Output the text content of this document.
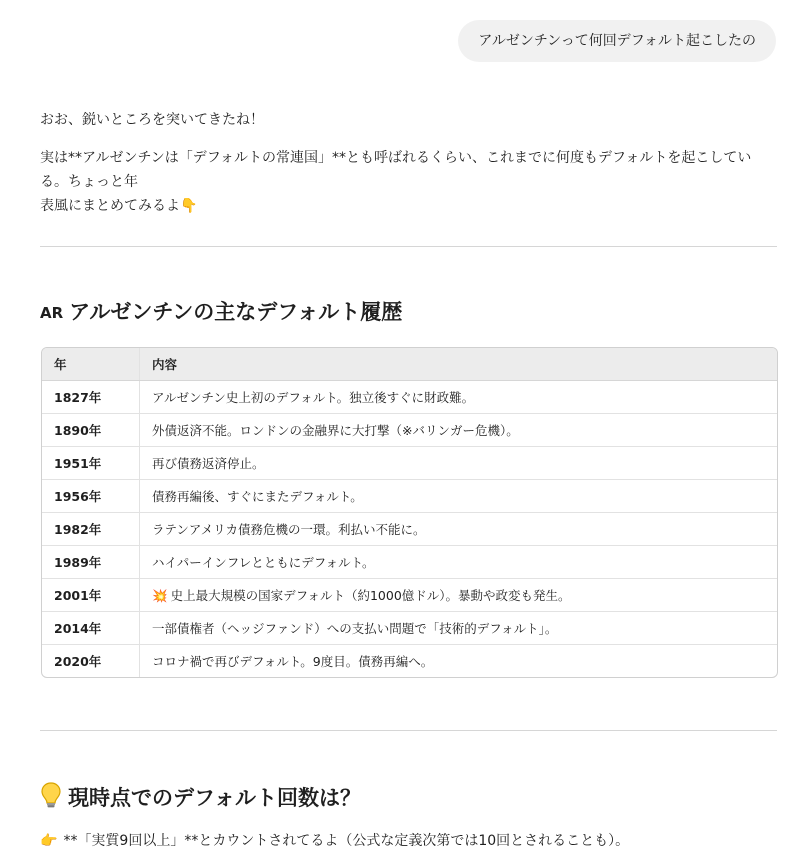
アルゼンチンって何回デフォルト起こしたの

おお、鋭いところを突いてきたね！

実は**アルゼンチンは「デフォルトの常連国」**とも呼ばれるくらい、これまでに何度もデフォルトを起こしている。ちょっと年
表風にまとめてみるよ👇

AR アルゼンチンの主なデフォルト履歴
年	内容
1827年	アルゼンチン史上初のデフォルト。独立後すぐに財政難。
1890年	外債返済不能。ロンドンの金融界に大打撃（※バリンガー危機）。
1951年	再び債務返済停止。
1956年	債務再編後、すぐにまたデフォルト。
1982年	ラテンアメリカ債務危機の一環。利払い不能に。
1989年	ハイパーインフレとともにデフォルト。
2001年	💥 史上最大規模の国家デフォルト（約1000億ドル）。暴動や政変も発生。
2014年	一部債権者（ヘッジファンド）への支払い問題で「技術的デフォルト」。
2020年	コロナ禍で再びデフォルト。9度目。債務再編へ。
現時点でのデフォルト回数は？
👉 **「実質9回以上」**とカウントされてるよ（公式な定義次第では10回とされることも）。
